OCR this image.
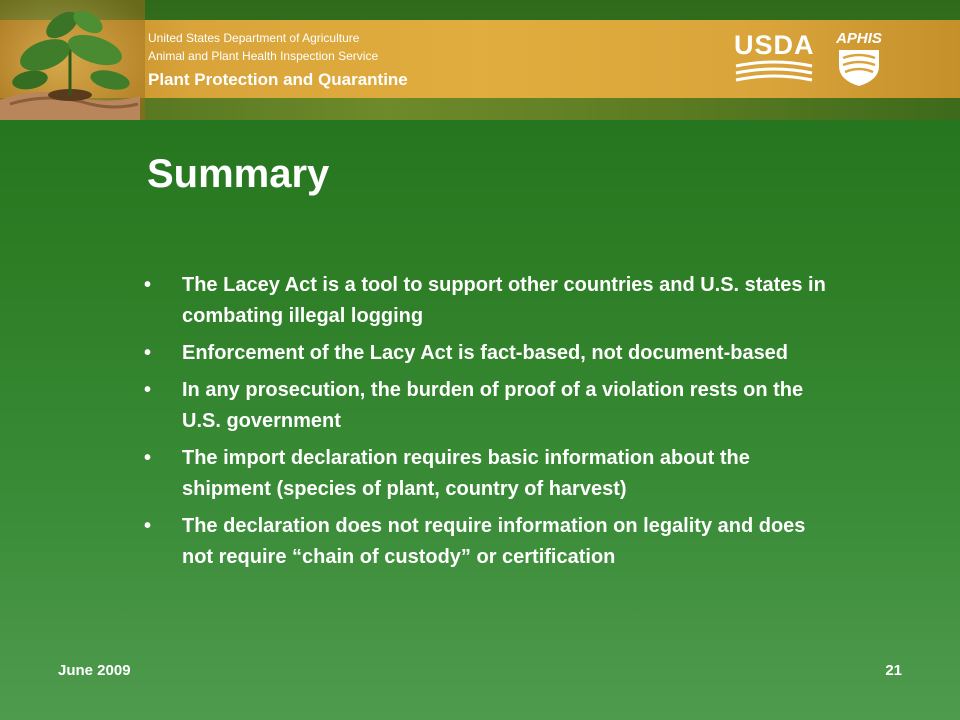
United States Department of Agriculture
Animal and Plant Health Inspection Service
Plant Protection and Quarantine
USDA APHIS
Summary
•	The Lacey Act is a tool to support other countries and U.S. states in combating illegal logging
•	Enforcement of the Lacy Act is fact-based, not document-based
•	In any prosecution, the burden of proof of a violation rests on the U.S. government
•	The import declaration requires basic information about the shipment (species of plant, country of harvest)
•	The declaration does not require information on legality and does not require “chain of custody” or certification
June 2009	21
